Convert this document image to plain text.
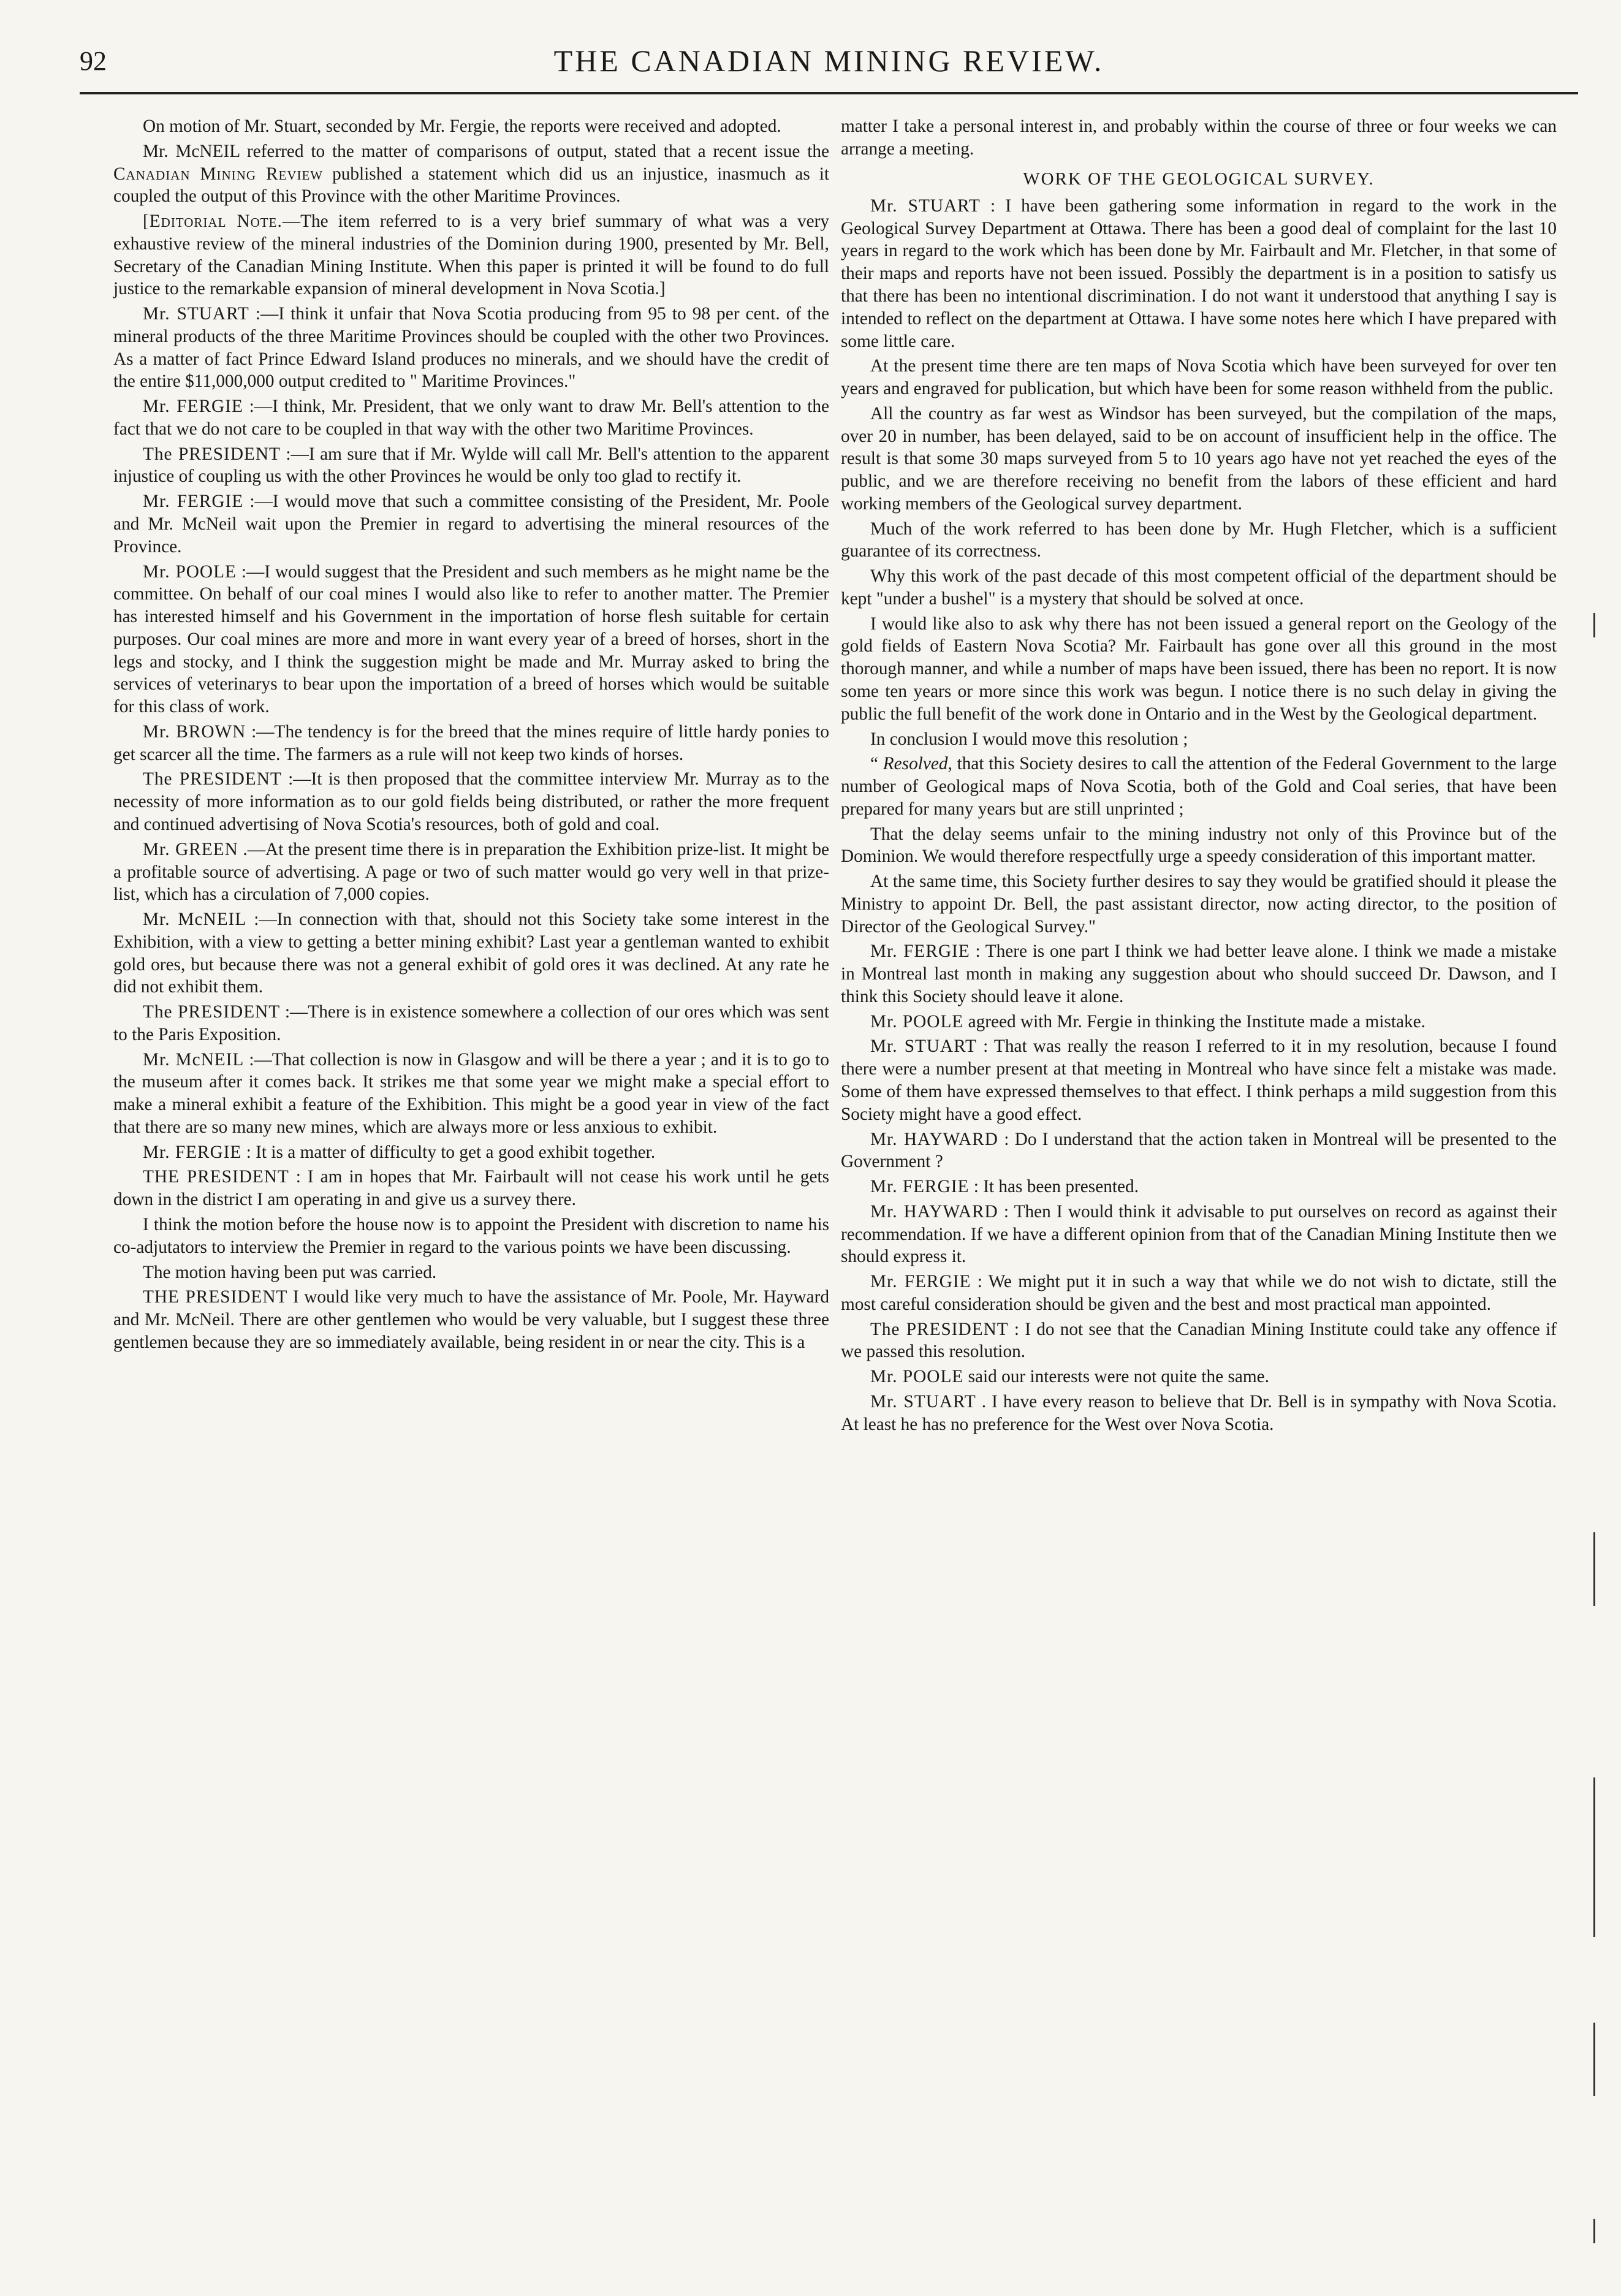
92	THE CANADIAN MINING REVIEW.

On motion of Mr. Stuart, seconded by Mr. Fergie, the reports were received and adopted.

Mr. McNEIL referred to the matter of comparisons of output, stated that a recent issue the Canadian Mining Review published a statement which did us an injustice, inasmuch as it coupled the output of this Province with the other Maritime Provinces.

[Editorial Note.—The item referred to is a very brief summary of what was a very exhaustive review of the mineral industries of the Dominion during 1900, presented by Mr. Bell, Secretary of the Canadian Mining Institute. When this paper is printed it will be found to do full justice to the remarkable expansion of mineral development in Nova Scotia.]

Mr. STUART :—I think it unfair that Nova Scotia producing from 95 to 98 per cent. of the mineral products of the three Maritime Provinces should be coupled with the other two Provinces. As a matter of fact Prince Edward Island produces no minerals, and we should have the credit of the entire $11,000,000 output credited to " Maritime Provinces."

Mr. FERGIE :—I think, Mr. President, that we only want to draw Mr. Bell's attention to the fact that we do not care to be coupled in that way with the other two Maritime Provinces.

The PRESIDENT :—I am sure that if Mr. Wylde will call Mr. Bell's attention to the apparent injustice of coupling us with the other Provinces he would be only too glad to rectify it.

Mr. FERGIE :—I would move that such a committee consisting of the President, Mr. Poole and Mr. McNeil wait upon the Premier in regard to advertising the mineral resources of the Province.

Mr. POOLE :—I would suggest that the President and such members as he might name be the committee. On behalf of our coal mines I would also like to refer to another matter. The Premier has interested himself and his Government in the importation of horse flesh suitable for certain purposes. Our coal mines are more and more in want every year of a breed of horses, short in the legs and stocky, and I think the suggestion might be made and Mr. Murray asked to bring the services of veterinarys to bear upon the importation of a breed of horses which would be suitable for this class of work.

Mr. BROWN :—The tendency is for the breed that the mines require of little hardy ponies to get scarcer all the time. The farmers as a rule will not keep two kinds of horses.

The PRESIDENT :—It is then proposed that the committee interview Mr. Murray as to the necessity of more information as to our gold fields being distributed, or rather the more frequent and continued advertising of Nova Scotia's resources, both of gold and coal.

Mr. GREEN .—At the present time there is in preparation the Exhibition prize-list. It might be a profitable source of advertising. A page or two of such matter would go very well in that prize-list, which has a circulation of 7,000 copies.

Mr. McNEIL :—In connection with that, should not this Society take some interest in the Exhibition, with a view to getting a better mining exhibit? Last year a gentleman wanted to exhibit gold ores, but because there was not a general exhibit of gold ores it was declined. At any rate he did not exhibit them.

The PRESIDENT :—There is in existence somewhere a collection of our ores which was sent to the Paris Exposition.

Mr. McNEIL :—That collection is now in Glasgow and will be there a year ; and it is to go to the museum after it comes back. It strikes me that some year we might make a special effort to make a mineral exhibit a feature of the Exhibition. This might be a good year in view of the fact that there are so many new mines, which are always more or less anxious to exhibit.

Mr. FERGIE : It is a matter of difficulty to get a good exhibit together.

THE PRESIDENT : I am in hopes that Mr. Fairbault will not cease his work until he gets down in the district I am operating in and give us a survey there.

I think the motion before the house now is to appoint the President with discretion to name his co-adjutators to interview the Premier in regard to the various points we have been discussing.

The motion having been put was carried.

THE PRESIDENT I would like very much to have the assistance of Mr. Poole, Mr. Hayward and Mr. McNeil. There are other gentlemen who would be very valuable, but I suggest these three gentlemen because they are so immediately available, being resident in or near the city. This is a

matter I take a personal interest in, and probably within the course of three or four weeks we can arrange a meeting.

WORK OF THE GEOLOGICAL SURVEY.

Mr. STUART : I have been gathering some information in regard to the work in the Geological Survey Department at Ottawa. There has been a good deal of complaint for the last 10 years in regard to the work which has been done by Mr. Fairbault and Mr. Fletcher, in that some of their maps and reports have not been issued. Possibly the department is in a position to satisfy us that there has been no intentional discrimination. I do not want it understood that anything I say is intended to reflect on the department at Ottawa. I have some notes here which I have prepared with some little care.

At the present time there are ten maps of Nova Scotia which have been surveyed for over ten years and engraved for publication, but which have been for some reason withheld from the public.

All the country as far west as Windsor has been surveyed, but the compilation of the maps, over 20 in number, has been delayed, said to be on account of insufficient help in the office. The result is that some 30 maps surveyed from 5 to 10 years ago have not yet reached the eyes of the public, and we are therefore receiving no benefit from the labors of these efficient and hard working members of the Geological survey department.

Much of the work referred to has been done by Mr. Hugh Fletcher, which is a sufficient guarantee of its correctness.

Why this work of the past decade of this most competent official of the department should be kept "under a bushel" is a mystery that should be solved at once.

I would like also to ask why there has not been issued a general report on the Geology of the gold fields of Eastern Nova Scotia? Mr. Fairbault has gone over all this ground in the most thorough manner, and while a number of maps have been issued, there has been no report. It is now some ten years or more since this work was begun. I notice there is no such delay in giving the public the full benefit of the work done in Ontario and in the West by the Geological department.

In conclusion I would move this resolution ;

“ Resolved, that this Society desires to call the attention of the Federal Government to the large number of Geological maps of Nova Scotia, both of the Gold and Coal series, that have been prepared for many years but are still unprinted ;

That the delay seems unfair to the mining industry not only of this Province but of the Dominion. We would therefore respectfully urge a speedy consideration of this important matter.

At the same time, this Society further desires to say they would be gratified should it please the Ministry to appoint Dr. Bell, the past assistant director, now acting director, to the position of Director of the Geological Survey."

Mr. FERGIE : There is one part I think we had better leave alone. I think we made a mistake in Montreal last month in making any suggestion about who should succeed Dr. Dawson, and I think this Society should leave it alone.

Mr. POOLE agreed with Mr. Fergie in thinking the Institute made a mistake.

Mr. STUART : That was really the reason I referred to it in my resolution, because I found there were a number present at that meeting in Montreal who have since felt a mistake was made. Some of them have expressed themselves to that effect. I think perhaps a mild suggestion from this Society might have a good effect.

Mr. HAYWARD : Do I understand that the action taken in Montreal will be presented to the Government ?

Mr. FERGIE : It has been presented.

Mr. HAYWARD : Then I would think it advisable to put ourselves on record as against their recommendation. If we have a different opinion from that of the Canadian Mining Institute then we should express it.

Mr. FERGIE : We might put it in such a way that while we do not wish to dictate, still the most careful consideration should be given and the best and most practical man appointed.

The PRESIDENT : I do not see that the Canadian Mining Institute could take any offence if we passed this resolution.

Mr. POOLE said our interests were not quite the same.

Mr. STUART . I have every reason to believe that Dr. Bell is in sympathy with Nova Scotia. At least he has no preference for the West over Nova Scotia.
